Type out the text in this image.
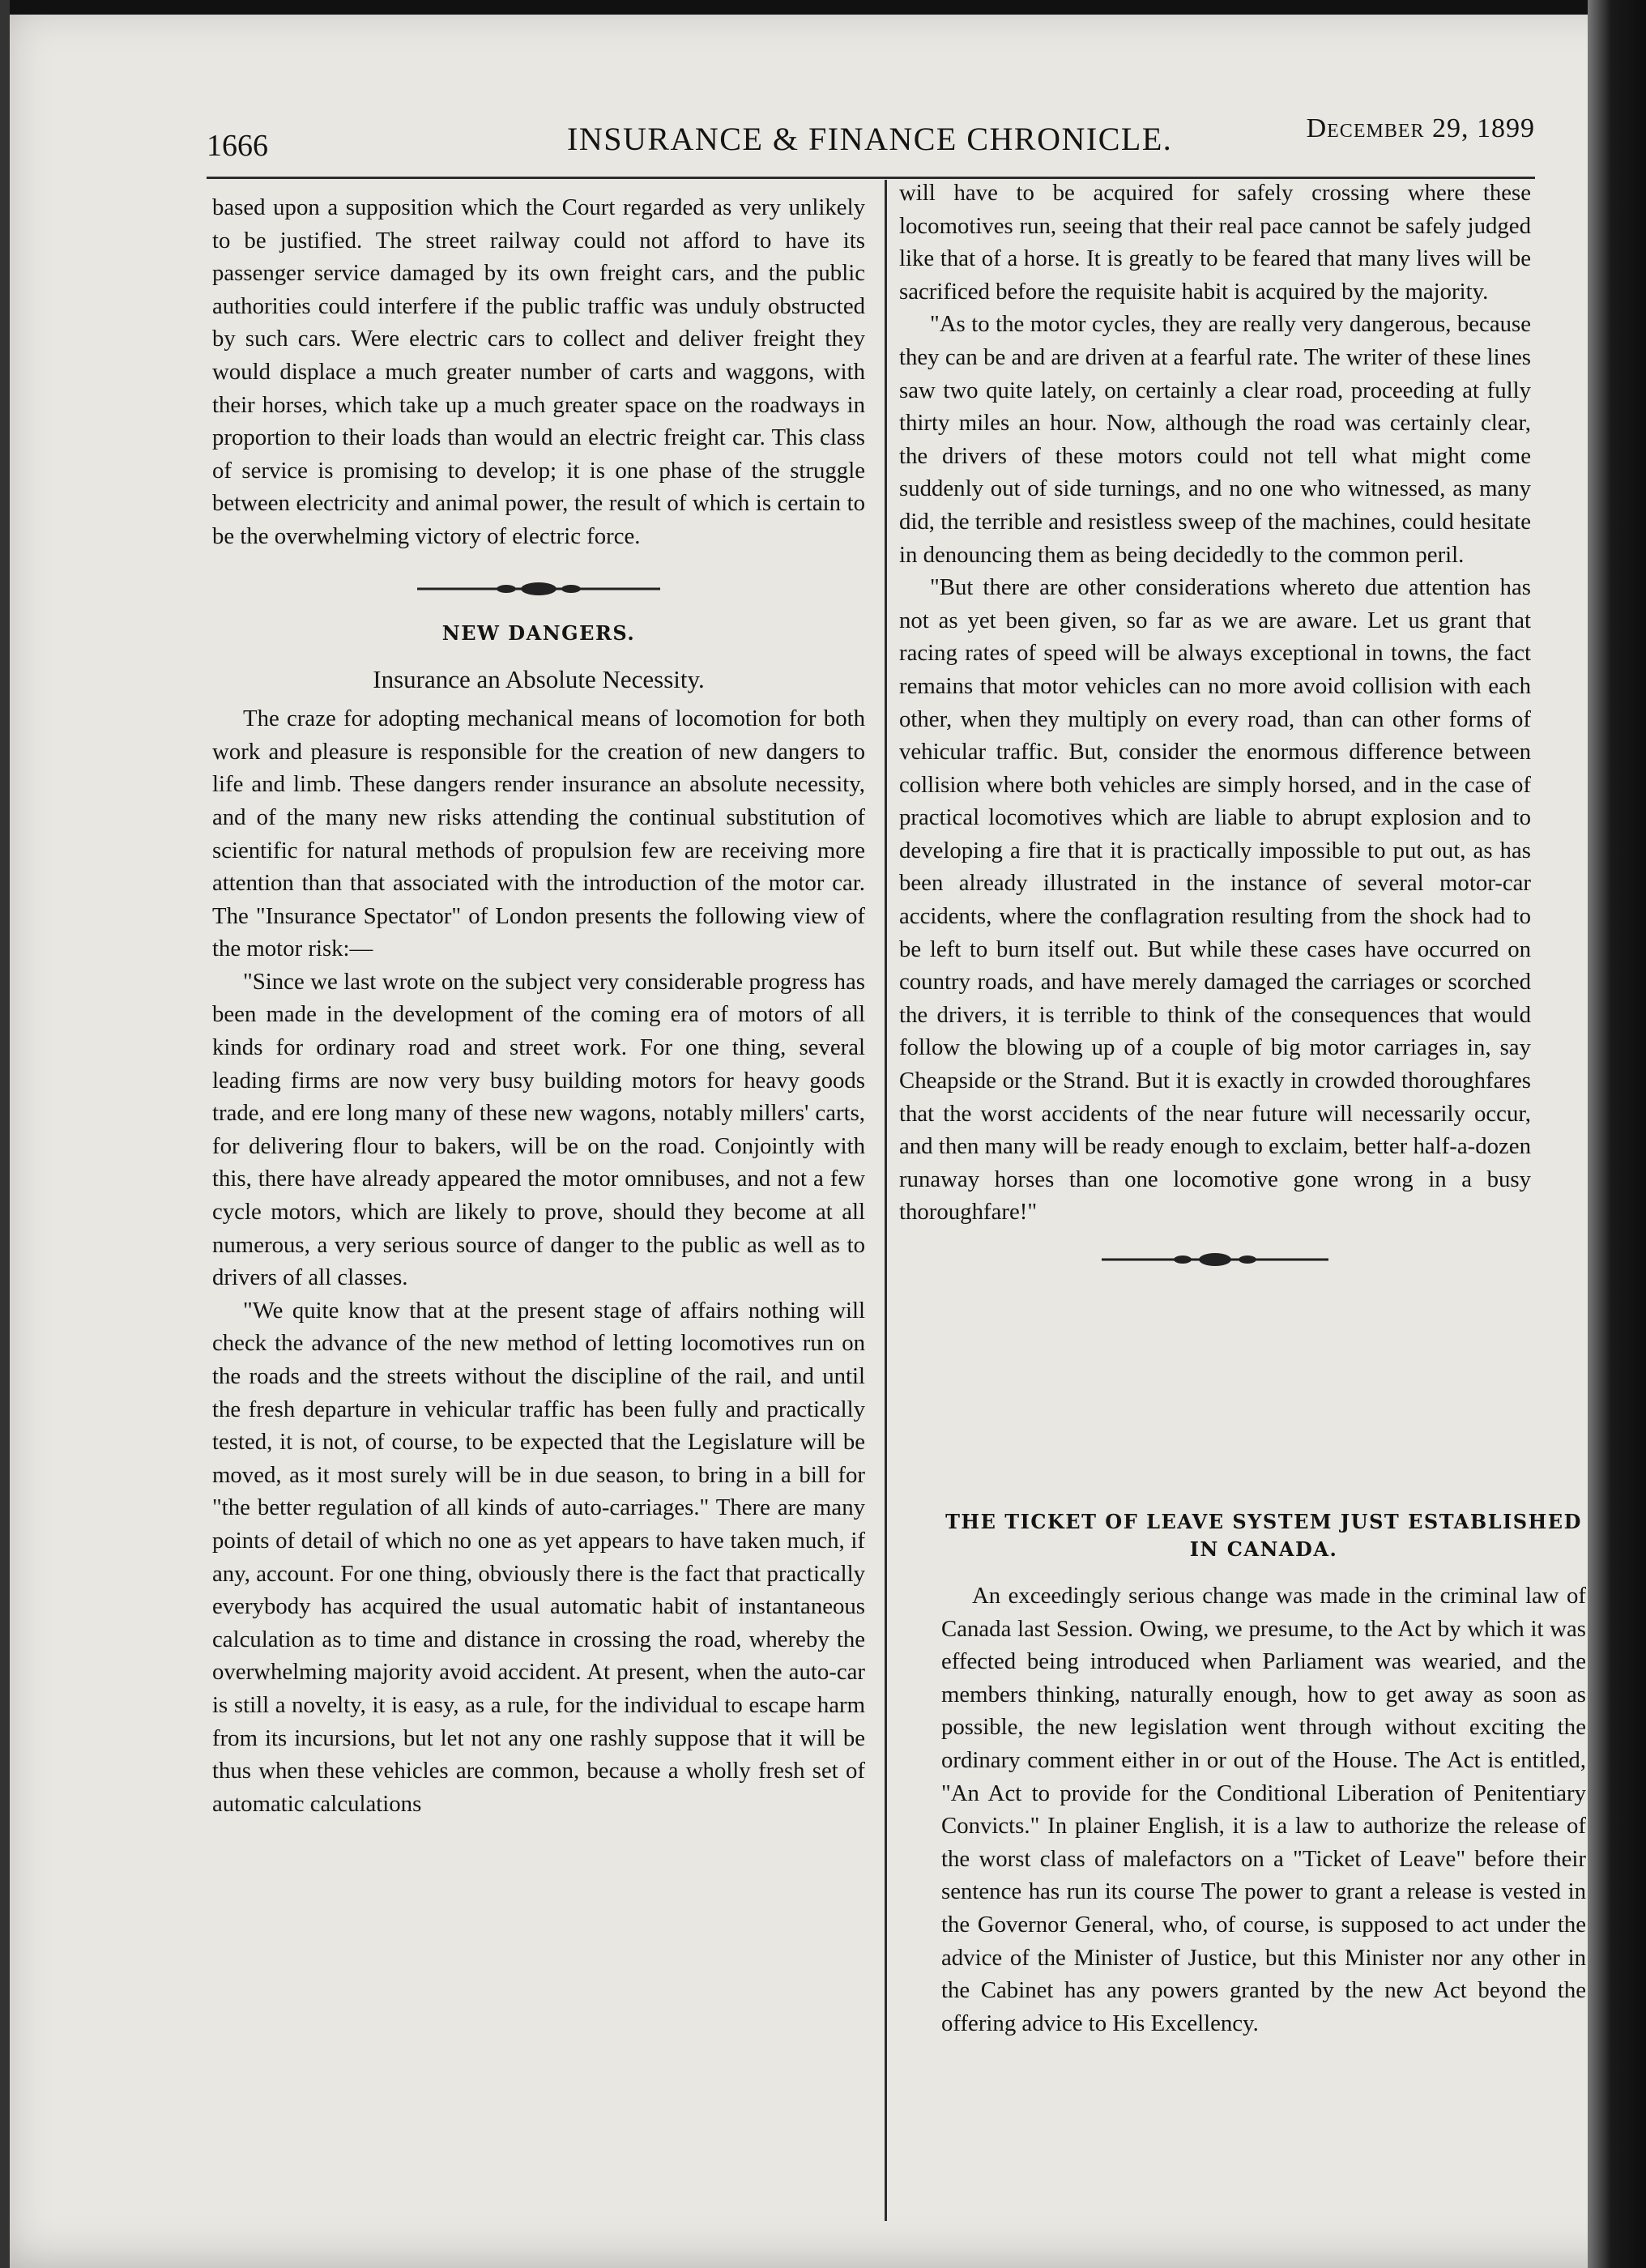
1666	INSURANCE & FINANCE CHRONICLE.	December 29, 1899

based upon a supposition which the Court regarded as very unlikely to be justified. The street railway could not afford to have its passenger service damaged by its own freight cars, and the public authorities could interfere if the public traffic was unduly obstructed by such cars. Were electric cars to collect and deliver freight they would displace a much greater number of carts and waggons, with their horses, which take up a much greater space on the roadways in proportion to their loads than would an electric freight car. This class of service is promising to develop; it is one phase of the struggle between electricity and animal power, the result of which is certain to be the overwhelming victory of electric force.

NEW DANGERS.
Insurance an Absolute Necessity.

The craze for adopting mechanical means of locomotion for both work and pleasure is responsible for the creation of new dangers to life and limb. These dangers render insurance an absolute necessity, and of the many new risks attending the continual substitution of scientific for natural methods of propulsion few are receiving more attention than that associated with the introduction of the motor car. The "Insurance Spectator" of London presents the following view of the motor risk:—

"Since we last wrote on the subject very considerable progress has been made in the development of the coming era of motors of all kinds for ordinary road and street work. For one thing, several leading firms are now very busy building motors for heavy goods trade, and ere long many of these new wagons, notably millers' carts, for delivering flour to bakers, will be on the road. Conjointly with this, there have already appeared the motor omnibuses, and not a few cycle motors, which are likely to prove, should they become at all numerous, a very serious source of danger to the public as well as to drivers of all classes.

"We quite know that at the present stage of affairs nothing will check the advance of the new method of letting locomotives run on the roads and the streets without the discipline of the rail, and until the fresh departure in vehicular traffic has been fully and practically tested, it is not, of course, to be expected that the Legislature will be moved, as it most surely will be in due season, to bring in a bill for "the better regulation of all kinds of auto-carriages." There are many points of detail of which no one as yet appears to have taken much, if any, account. For one thing, obviously there is the fact that practically everybody has acquired the usual automatic habit of instantaneous calculation as to time and distance in crossing the road, whereby the overwhelming majority avoid accident. At present, when the auto-car is still a novelty, it is easy, as a rule, for the individual to escape harm from its incursions, but let not any one rashly suppose that it will be thus when these vehicles are common, because a wholly fresh set of automatic calculations

will have to be acquired for safely crossing where these locomotives run, seeing that their real pace cannot be safely judged like that of a horse. It is greatly to be feared that many lives will be sacrificed before the requisite habit is acquired by the majority.

"As to the motor cycles, they are really very dangerous, because they can be and are driven at a fearful rate. The writer of these lines saw two quite lately, on certainly a clear road, proceeding at fully thirty miles an hour. Now, although the road was certainly clear, the drivers of these motors could not tell what might come suddenly out of side turnings, and no one who witnessed, as many did, the terrible and resistless sweep of the machines, could hesitate in denouncing them as being decidedly to the common peril.

"But there are other considerations whereto due attention has not as yet been given, so far as we are aware. Let us grant that racing rates of speed will be always exceptional in towns, the fact remains that motor vehicles can no more avoid collision with each other, when they multiply on every road, than can other forms of vehicular traffic. But, consider the enormous difference between collision where both vehicles are simply horsed, and in the case of practical locomotives which are liable to abrupt explosion and to developing a fire that it is practically impossible to put out, as has been already illustrated in the instance of several motor-car accidents, where the conflagration resulting from the shock had to be left to burn itself out. But while these cases have occurred on country roads, and have merely damaged the carriages or scorched the drivers, it is terrible to think of the consequences that would follow the blowing up of a couple of big motor carriages in, say Cheapside or the Strand. But it is exactly in crowded thoroughfares that the worst accidents of the near future will necessarily occur, and then many will be ready enough to exclaim, better half-a-dozen runaway horses than one locomotive gone wrong in a busy thoroughfare!"

THE TICKET OF LEAVE SYSTEM JUST ESTABLISHED IN CANADA.

An exceedingly serious change was made in the criminal law of Canada last Session. Owing, we presume, to the Act by which it was effected being introduced when Parliament was wearied, and the members thinking, naturally enough, how to get away as soon as possible, the new legislation went through without exciting the ordinary comment either in or out of the House. The Act is entitled, "An Act to provide for the Conditional Liberation of Penitentiary Convicts." In plainer English, it is a law to authorize the release of the worst class of malefactors on a "Ticket of Leave" before their sentence has run its course The power to grant a release is vested in the Governor General, who, of course, is supposed to act under the advice of the Minister of Justice, but this Minister nor any other in the Cabinet has any powers granted by the new Act beyond the offering advice to His Excellency.
